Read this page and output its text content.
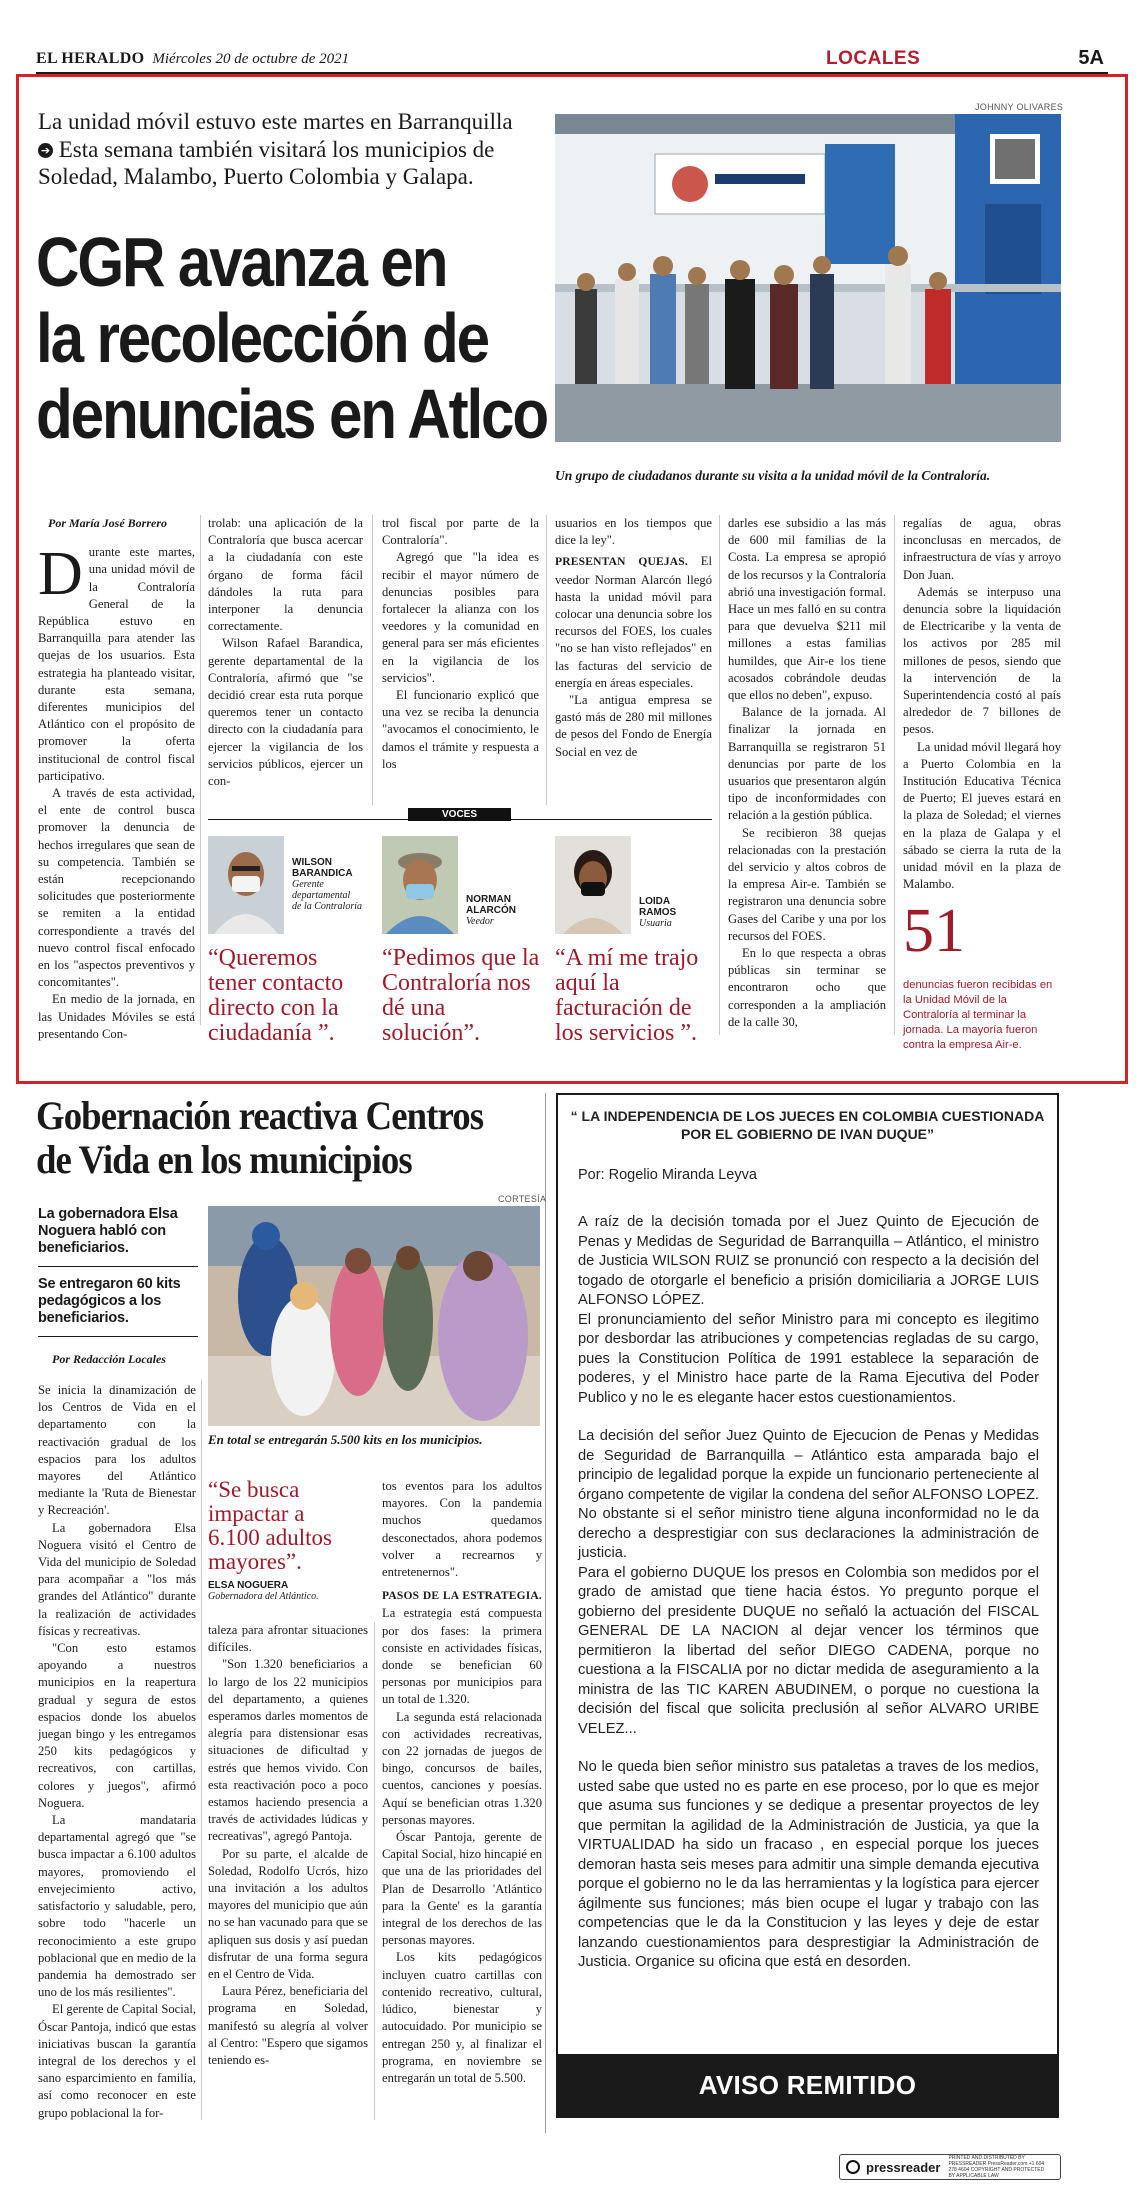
EL HERALDO Miércoles 20 de octubre de 2021	LOCALES	5A
La unidad móvil estuvo este martes en Barranquilla
➔ Esta semana también visitará los municipios de Soledad, Malambo, Puerto Colombia y Galapa.
CGR avanza en
la recolección de
denuncias en Atlco
JOHNNY OLIVARES
Un grupo de ciudadanos durante su visita a la unidad móvil de la Contraloría.
Por María José Borrero

Durante este martes, una unidad móvil de la Contraloría General de la República estuvo en Barranquilla para atender las quejas de los usuarios. Esta estrategia ha planteado visitar, durante esta semana, diferentes municipios del Atlántico con el propósito de promover la oferta institucional de control fiscal participativo.

A través de esta actividad, el ente de control busca promover la denuncia de hechos irregulares que sean de su competencia. También se están recepcionando solicitudes que posteriormente se remiten a la entidad correspondiente a través del nuevo control fiscal enfocado en los "aspectos preventivos y concomitantes".

En medio de la jornada, en las Unidades Móviles se está presentando Con-

trolab: una aplicación de la Contraloría que busca acercar a la ciudadanía con este órgano de forma fácil dándoles la ruta para interponer la denuncia correctamente.

Wilson Rafael Barandica, gerente departamental de la Contraloría, afirmó que "se decidió crear esta ruta porque queremos tener un contacto directo con la ciudadanía para ejercer la vigilancia de los servicios públicos, ejercer un con-

trol fiscal por parte de la Contraloría".

Agregó que "la idea es recibir el mayor número de denuncias posibles para fortalecer la alianza con los veedores y la comunidad en general para ser más eficientes en la vigilancia de los servicios".

El funcionario explicó que una vez se reciba la denuncia "avocamos el conocimiento, le damos el trámite y respuesta a los

usuarios en los tiempos que dice la ley".

PRESENTAN QUEJAS. El veedor Norman Alarcón llegó hasta la unidad móvil para colocar una denuncia sobre los recursos del FOES, los cuales "no se han visto reflejados" en las facturas del servicio de energía en áreas especiales.

"La antigua empresa se gastó más de 280 mil millones de pesos del Fondo de Energía Social en vez de

darles ese subsidio a las más de 600 mil familias de la Costa. La empresa se apropió de los recursos y la Contraloría abrió una investigación formal. Hace un mes falló en su contra para que devuelva $211 mil millones a estas familias humildes, que Air-e los tiene acosados cobrándole deudas que ellos no deben", expuso.

Balance de la jornada. Al finalizar la jornada en Barranquilla se registraron 51 denuncias por parte de los usuarios que presentaron algún tipo de inconformidades con relación a la gestión pública.

Se recibieron 38 quejas relacionadas con la prestación del servicio y altos cobros de la empresa Air-e. También se registraron una denuncia sobre Gases del Caribe y una por los recursos del FOES.

En lo que respecta a obras públicas sin terminar se encontraron ocho que corresponden a la ampliación de la calle 30,

regalías de agua, obras inconclusas en mercados, de infraestructura de vías y arroyo Don Juan.

Además se interpuso una denuncia sobre la liquidación de Electricaribe y la venta de los activos por 285 mil millones de pesos, siendo que la intervención de la Superintendencia costó al país alrededor de 7 billones de pesos.

La unidad móvil llegará hoy a Puerto Colombia en la Institución Educativa Técnica de Puerto; El jueves estará en la plaza de Soledad; el viernes en la plaza de Galapa y el sábado se cierra la ruta de la unidad móvil en la plaza de Malambo.

51
denuncias fueron recibidas en la Unidad Móvil de la Contraloría al terminar la jornada. La mayoría fueron contra la empresa Air-e.
VOCES
WILSON BARANDICA
Gerente departamental de la Contraloría
“Queremos tener contacto directo con la ciudadanía ”.
NORMAN ALARCÓN
Veedor
“Pedimos que la Contraloría nos dé una solución”.
LOIDA RAMOS
Usuaria
“A mí me trajo aquí la facturación de los servicios ”.
Gobernación reactiva Centros
de Vida en los municipios
La gobernadora Elsa Noguera habló con beneficiarios.
Se entregaron 60 kits pedagógicos a los beneficiarios.
Por Redacción Locales
CORTESÍA
En total se entregarán 5.500 kits en los municipios.
“Se busca impactar a 6.100 adultos mayores”.
ELSA NOGUERA
Gobernadora del Atlántico.

Se inicia la dinamización de los Centros de Vida en el departamento con la reactivación gradual de los espacios para los adultos mayores del Atlántico mediante la 'Ruta de Bienestar y Recreación'.

La gobernadora Elsa Noguera visitó el Centro de Vida del municipio de Soledad para acompañar a "los más grandes del Atlántico" durante la realización de actividades físicas y recreativas.

"Con esto estamos apoyando a nuestros municipios en la reapertura gradual y segura de estos espacios donde los abuelos juegan bingo y les entregamos 250 kits pedagógicos y recreativos, con cartillas, colores y juegos", afirmó Noguera.

La mandataria departamental agregó que "se busca impactar a 6.100 adultos mayores, promoviendo el envejecimiento activo, satisfactorio y saludable, pero, sobre todo "hacerle un reconocimiento a este grupo poblacional que en medio de la pandemia ha demostrado ser uno de los más resilientes".

El gerente de Capital Social, Óscar Pantoja, indicó que estas iniciativas buscan la garantía integral de los derechos y el sano esparcimiento en familia, así como reconocer en este grupo poblacional la for-

taleza para afrontar situaciones difíciles.

"Son 1.320 beneficiarios a lo largo de los 22 municipios del departamento, a quienes esperamos darles momentos de alegría para distensionar esas situaciones de dificultad y estrés que hemos vivido. Con esta reactivación poco a poco estamos haciendo presencia a través de actividades lúdicas y recreativas", agregó Pantoja.

Por su parte, el alcalde de Soledad, Rodolfo Ucrós, hizo una invitación a los adultos mayores del municipio que aún no se han vacunado para que se apliquen sus dosis y así puedan disfrutar de una forma segura en el Centro de Vida.

Laura Pérez, beneficiaria del programa en Soledad, manifestó su alegría al volver al Centro: "Espero que sigamos teniendo es-

tos eventos para los adultos mayores. Con la pandemia muchos quedamos desconectados, ahora podemos volver a recrearnos y entretenernos".

PASOS DE LA ESTRATEGIA. La estrategia está compuesta por dos fases: la primera consiste en actividades físicas, donde se benefician 60 personas por municipios para un total de 1.320.

La segunda está relacionada con actividades recreativas, con 22 jornadas de juegos de bingo, concursos de bailes, cuentos, canciones y poesías. Aquí se benefician otras 1.320 personas mayores.

Óscar Pantoja, gerente de Capital Social, hizo hincapié en que una de las prioridades del Plan de Desarrollo 'Atlántico para la Gente' es la garantía integral de los derechos de las personas mayores.

Los kits pedagógicos incluyen cuatro cartillas con contenido recreativo, cultural, lúdico, bienestar y autocuidado. Por municipio se entregan 250 y, al finalizar el programa, en noviembre se entregarán un total de 5.500.

“ LA INDEPENDENCIA DE LOS JUECES EN COLOMBIA CUESTIONADA POR EL GOBIERNO DE IVAN DUQUE”
Por: Rogelio Miranda Leyva

A raíz de la decisión tomada por el Juez Quinto de Ejecución de Penas y Medidas de Seguridad de Barranquilla – Atlántico, el ministro de Justicia WILSON RUIZ se pronunció con respecto a la decisión del togado de otorgarle el beneficio a prisión domiciliaria a JORGE LUIS ALFONSO LÓPEZ.

El pronunciamiento del señor Ministro para mi concepto es ilegitimo por desbordar las atribuciones y competencias regladas de su cargo, pues la Constitucion Política de 1991 establece la separación de poderes, y el Ministro hace parte de la Rama Ejecutiva del Poder Publico y no le es elegante hacer estos cuestionamientos.

La decisión del señor Juez Quinto de Ejecucion de Penas y Medidas de Seguridad de Barranquilla – Atlántico esta amparada bajo el principio de legalidad porque la expide un funcionario perteneciente al órgano competente de vigilar la condena del señor ALFONSO LOPEZ. No obstante si el señor ministro tiene alguna inconformidad no le da derecho a desprestigiar con sus declaraciones la administración de justicia.

Para el gobierno DUQUE los presos en Colombia son medidos por el grado de amistad que tiene hacia éstos. Yo pregunto porque el gobierno del presidente DUQUE no señaló la actuación del FISCAL GENERAL DE LA NACION al dejar vencer los términos que permitieron la libertad del señor DIEGO CADENA, porque no cuestiona a la FISCALIA por no dictar medida de aseguramiento a la ministra de las TIC KAREN ABUDINEM, o porque no cuestiona la decisión del fiscal que solicita preclusión al señor ALVARO URIBE VELEZ...

No le queda bien señor ministro sus pataletas a traves de los medios, usted sabe que usted no es parte en ese proceso, por lo que es mejor que asuma sus funciones y se dedique a presentar proyectos de ley que permitan la agilidad de la Administración de Justicia, ya que la VIRTUALIDAD ha sido un fracaso , en especial porque los jueces demoran hasta seis meses para admitir una simple demanda ejecutiva porque el gobierno no le da las herramientas y la logística para ejercer ágilmente sus funciones; más bien ocupe el lugar y trabajo con las competencias que le da la Constitucion y las leyes y deje de estar lanzando cuestionamientos para desprestigiar la Administración de Justicia. Organice su oficina que está en desorden.

AVISO REMITIDO
pressreader
PRINTED AND DISTRIBUTED BY PRESSREADER PressReader.com +1 604 278 4604 COPYRIGHT AND PROTECTED BY APPLICABLE LAW
